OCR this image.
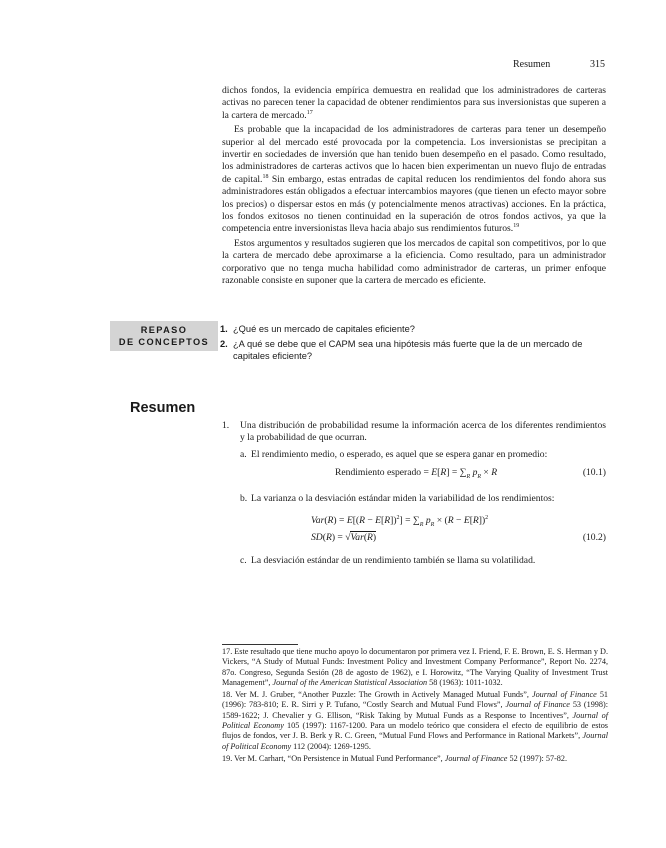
Resumen	315

dichos fondos, la evidencia empírica demuestra en realidad que los administradores de carteras activas no parecen tener la capacidad de obtener rendimientos para sus inversionistas que superen a la cartera de mercado.$^{17}$

Es probable que la incapacidad de los administradores de carteras para tener un desempeño superior al del mercado esté provocada por la competencia. Los inversionistas se precipitan a invertir en sociedades de inversión que han tenido buen desempeño en el pasado. Como resultado, los administradores de carteras activos que lo hacen bien experimentan un nuevo flujo de entradas de capital.$^{18}$ Sin embargo, estas entradas de capital reducen los rendimientos del fondo ahora sus administradores están obligados a efectuar intercambios mayores (que tienen un efecto mayor sobre los precios) o dispersar estos en más (y potencialmente menos atractivas) acciones. En la práctica, los fondos exitosos no tienen continuidad en la superación de otros fondos activos, ya que la competencia entre inversionistas lleva hacia abajo sus rendimientos futuros.$^{19}$

Estos argumentos y resultados sugieren que los mercados de capital son competitivos, por lo que la cartera de mercado debe aproximarse a la eficiencia. Como resultado, para un administrador corporativo que no tenga mucha habilidad como administrador de carteras, un primer enfoque razonable consiste en suponer que la cartera de mercado es eficiente.

REPASO
DE CONCEPTOS
1. ¿Qué es un mercado de capitales eficiente?
2. ¿A qué se debe que el CAPM sea una hipótesis más fuerte que la de un mercado de capitales eficiente?
Resumen
1. Una distribución de probabilidad resume la información acerca de los diferentes rendimientos y la probabilidad de que ocurran.
a. El rendimiento medio, o esperado, es aquel que se espera ganar en promedio:
Rendimiento esperado = $E[R] = \sum_R$ $p_R \times R$	(10.1)
b. La varianza o la desviación estándar miden la variabilidad de los rendimientos:
$Var(R) = E[(R - E[R])^2] = \sum_R$ $p_R \times (R - E[R])^2$
SD(R) = √Var(R)	(10.2)
c. La desviación estándar de un rendimiento también se llama su volatilidad.

17. Este resultado que tiene mucho apoyo lo documentaron por primera vez I. Friend, F. E. Brown, E. S. Herman y D. Vickers, “A Study of Mutual Funds: Investment Policy and Investment Company Performance”, Report No. 2274, 87o. Congreso, Segunda Sesión (28 de agosto de 1962), e I. Horowitz, “The Varying Quality of Investment Trust Management”, Journal of the American Statistical Association 58 (1963): 1011-1032.

18. Ver M. J. Gruber, “Another Puzzle: The Growth in Actively Managed Mutual Funds”, Journal of Finance 51 (1996): 783-810; E. R. Sirri y P. Tufano, “Costly Search and Mutual Fund Flows”, Journal of Finance 53 (1998): 1589-1622; J. Chevalier y G. Ellison, “Risk Taking by Mutual Funds as a Response to Incentives”, Journal of Political Economy 105 (1997): 1167-1200. Para un modelo teórico que considera el efecto de equilibrio de estos flujos de fondos, ver J. B. Berk y R. C. Green, “Mutual Fund Flows and Performance in Rational Markets”, Journal of Political Economy 112 (2004): 1269-1295.

19. Ver M. Carhart, “On Persistence in Mutual Fund Performance”, Journal of Finance 52 (1997): 57-82.
